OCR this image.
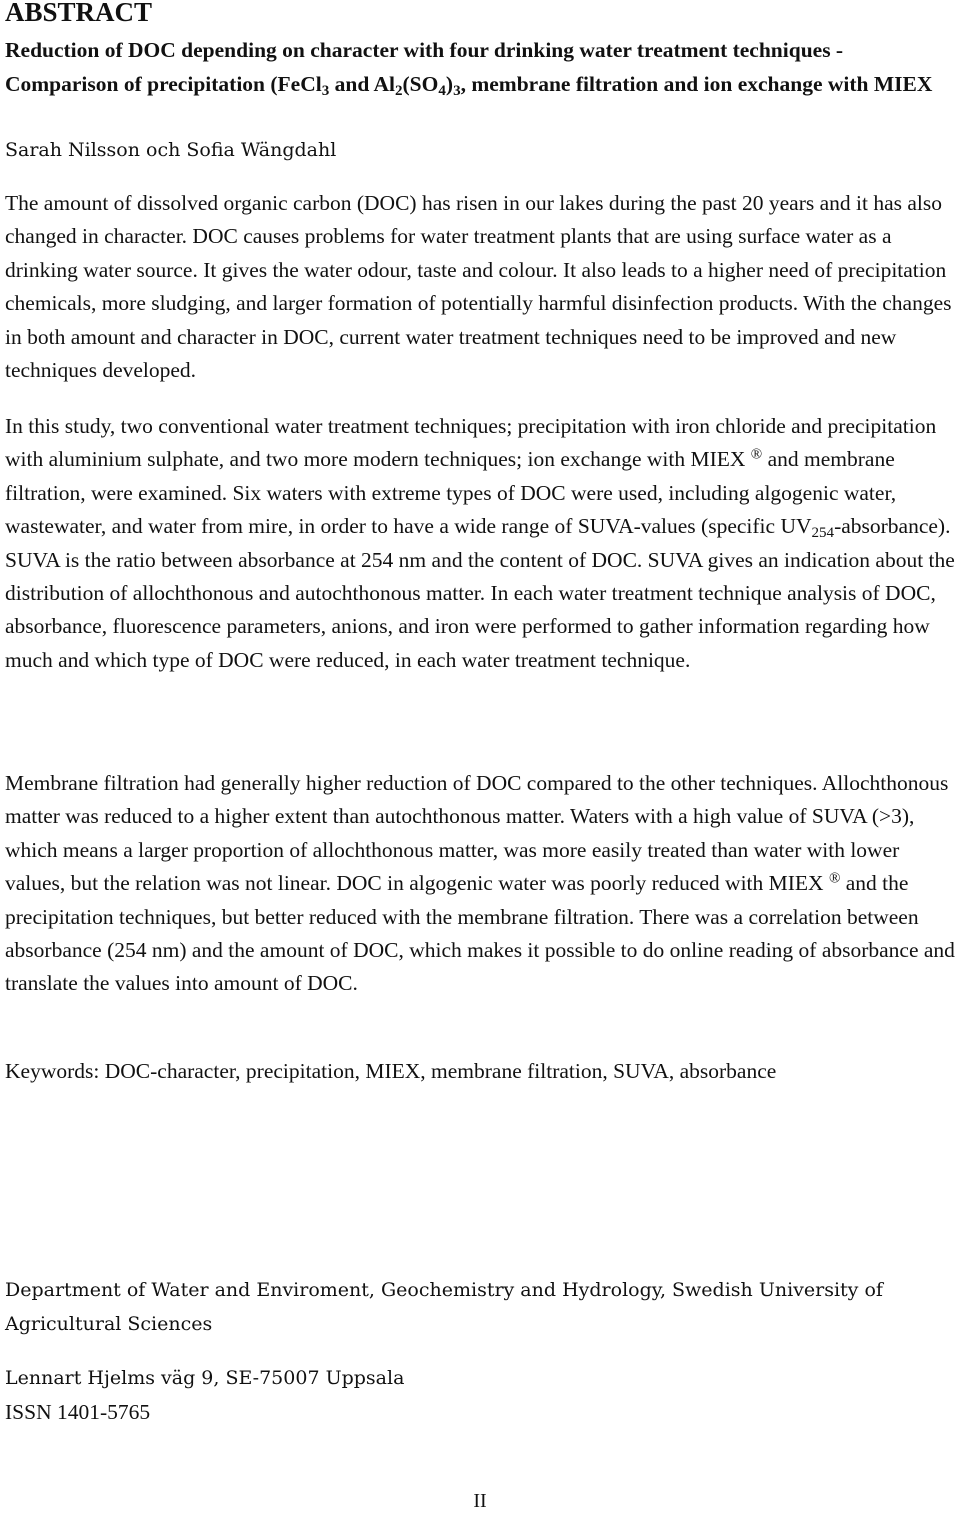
ABSTRACT

Reduction of DOC depending on character with four drinking water treatment techniques - Comparison of precipitation (FeCl$_3$ and $Al_2(SO_4)_3$, membrane filtration and ion exchange with MIEX

Sarah Nilsson och Sofia Wängdahl

The amount of dissolved organic carbon (DOC) has risen in our lakes during the past 20 years and it has also changed in character. DOC causes problems for water treatment plants that are using surface water as a drinking water source. It gives the water odour, taste and colour. It also leads to a higher need of precipitation chemicals, more sludging, and larger formation of potentially harmful disinfection products. With the changes in both amount and character in DOC, current water treatment techniques need to be improved and new techniques developed.

In this study, two conventional water treatment techniques; precipitation with iron chloride and precipitation with aluminium sulphate, and two more modern techniques; ion exchange with MIEX ® and membrane filtration, were examined. Six waters with extreme types of DOC were used, including algogenic water, wastewater, and water from mire, in order to have a wide range of SUVA-values (specific $UV_{254}-absorbance$). SUVA is the ratio between absorbance at 254 nm and the content of DOC. SUVA gives an indication about the distribution of allochthonous and autochthonous matter. In each water treatment technique analysis of DOC, absorbance, fluorescence parameters, anions, and iron were performed to gather information regarding how much and which type of DOC were reduced, in each water treatment technique.

Membrane filtration had generally higher reduction of DOC compared to the other techniques. Allochthonous matter was reduced to a higher extent than autochthonous matter. Waters with a high value of SUVA (>3), which means a larger proportion of allochthonous matter, was more easily treated than water with lower values, but the relation was not linear. DOC in algogenic water was poorly reduced with MIEX ® and the precipitation techniques, but better reduced with the membrane filtration. There was a correlation between absorbance (254 nm) and the amount of DOC, which makes it possible to do online reading of absorbance and translate the values into amount of DOC.

Keywords: DOC-character, precipitation, MIEX, membrane filtration, SUVA, absorbance

Department of Water and Enviroment, Geochemistry and Hydrology, Swedish University of Agricultural Sciences

Lennart Hjelms väg 9, SE-75007 Uppsala

ISSN 1401-5765

II
